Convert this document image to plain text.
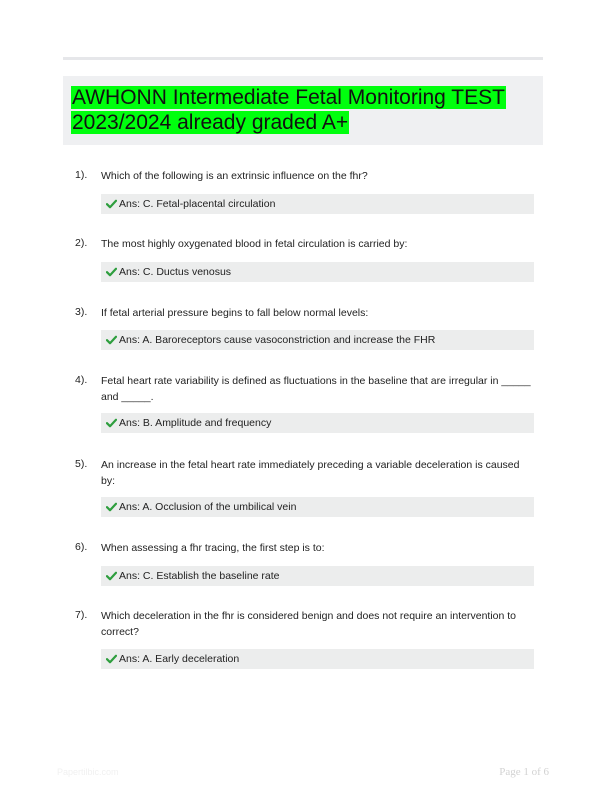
AWHONN Intermediate Fetal Monitoring TEST 2023/2024 already graded A+
1). Which of the following is an extrinsic influence on the fhr?
Ans: C. Fetal-placental circulation
2). The most highly oxygenated blood in fetal circulation is carried by:
Ans: C. Ductus venosus
3). If fetal arterial pressure begins to fall below normal levels:
Ans: A. Baroreceptors cause vasoconstriction and increase the FHR
4). Fetal heart rate variability is defined as fluctuations in the baseline that are irregular in _____ and _____.
Ans: B. Amplitude and frequency
5). An increase in the fetal heart rate immediately preceding a variable deceleration is caused by:
Ans: A. Occlusion of the umbilical vein
6). When assessing a fhr tracing, the first step is to:
Ans: C. Establish the baseline rate
7). Which deceleration in the fhr is considered benign and does not require an intervention to correct?
Ans: A. Early deceleration
Papertilbic.com	Page 1 of 6
